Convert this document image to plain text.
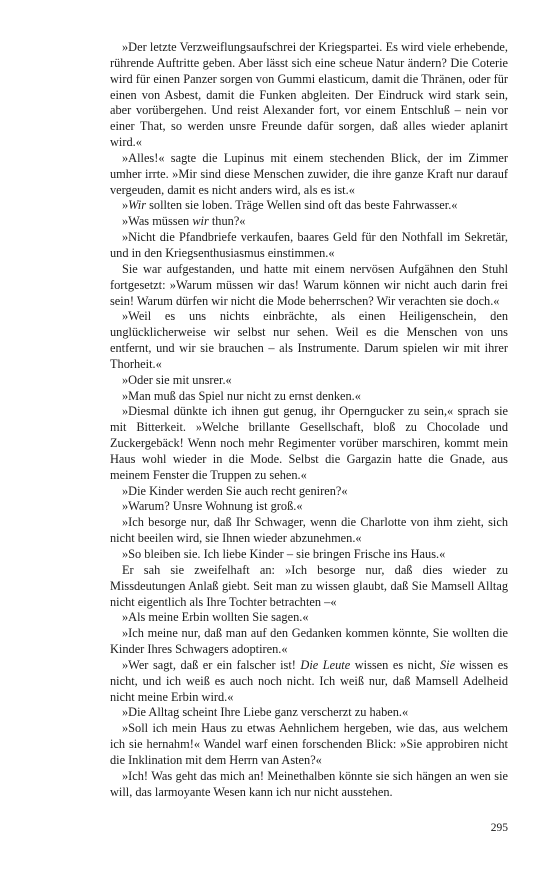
»Der letzte Verzweiflungsaufschrei der Kriegspartei. Es wird viele erhebende, rührende Auftritte geben. Aber lässt sich eine scheue Natur ändern? Die Coterie wird für einen Panzer sorgen von Gummi elasticum, damit die Thränen, oder für einen von Asbest, damit die Funken abgleiten. Der Eindruck wird stark sein, aber vorübergehen. Und reist Alexander fort, vor einem Entschluß – nein vor einer That, so werden unsre Freunde dafür sorgen, daß alles wieder aplanirt wird.«

»Alles!« sagte die Lupinus mit einem stechenden Blick, der im Zimmer umher irrte. »Mir sind diese Menschen zuwider, die ihre ganze Kraft nur darauf vergeuden, damit es nicht anders wird, als es ist.«

»Wir sollten sie loben. Träge Wellen sind oft das beste Fahrwasser.«

»Was müssen wir thun?«

»Nicht die Pfandbriefe verkaufen, baares Geld für den Nothfall im Sekretär, und in den Kriegsenthusiasmus einstimmen.«

Sie war aufgestanden, und hatte mit einem nervösen Aufgähnen den Stuhl fortgesetzt: »Warum müssen wir das! Warum können wir nicht auch darin frei sein! Warum dürfen wir nicht die Mode beherrschen? Wir verachten sie doch.«

»Weil es uns nichts einbrächte, als einen Heiligenschein, den unglücklicherweise wir selbst nur sehen. Weil es die Menschen von uns entfernt, und wir sie brauchen – als Instrumente. Darum spielen wir mit ihrer Thorheit.«

»Oder sie mit unsrer.«

»Man muß das Spiel nur nicht zu ernst denken.«

»Diesmal dünkte ich ihnen gut genug, ihr Operngucker zu sein,« sprach sie mit Bitterkeit. »Welche brillante Gesellschaft, bloß zu Chocolade und Zuckergebäck! Wenn noch mehr Regimenter vorüber marschiren, kommt mein Haus wohl wieder in die Mode. Selbst die Gargazin hatte die Gnade, aus meinem Fenster die Truppen zu sehen.«

»Die Kinder werden Sie auch recht geniren?«

»Warum? Unsre Wohnung ist groß.«

»Ich besorge nur, daß Ihr Schwager, wenn die Charlotte von ihm zieht, sich nicht beeilen wird, sie Ihnen wieder abzunehmen.«

»So bleiben sie. Ich liebe Kinder – sie bringen Frische ins Haus.«

Er sah sie zweifelhaft an: »Ich besorge nur, daß dies wieder zu Missdeutungen Anlaß giebt. Seit man zu wissen glaubt, daß Sie Mamsell Alltag nicht eigentlich als Ihre Tochter betrachten –«

»Als meine Erbin wollten Sie sagen.«

»Ich meine nur, daß man auf den Gedanken kommen könnte, Sie wollten die Kinder Ihres Schwagers adoptiren.«

»Wer sagt, daß er ein falscher ist! Die Leute wissen es nicht, Sie wissen es nicht, und ich weiß es auch noch nicht. Ich weiß nur, daß Mamsell Adelheid nicht meine Erbin wird.«

»Die Alltag scheint Ihre Liebe ganz verscherzt zu haben.«

»Soll ich mein Haus zu etwas Aehnlichem hergeben, wie das, aus welchem ich sie hernahm!« Wandel warf einen forschenden Blick: »Sie approbiren nicht die Inklination mit dem Herrn van Asten?«

»Ich! Was geht das mich an! Meinethalben könnte sie sich hängen an wen sie will, das larmoyante Wesen kann ich nur nicht ausstehen.

295
